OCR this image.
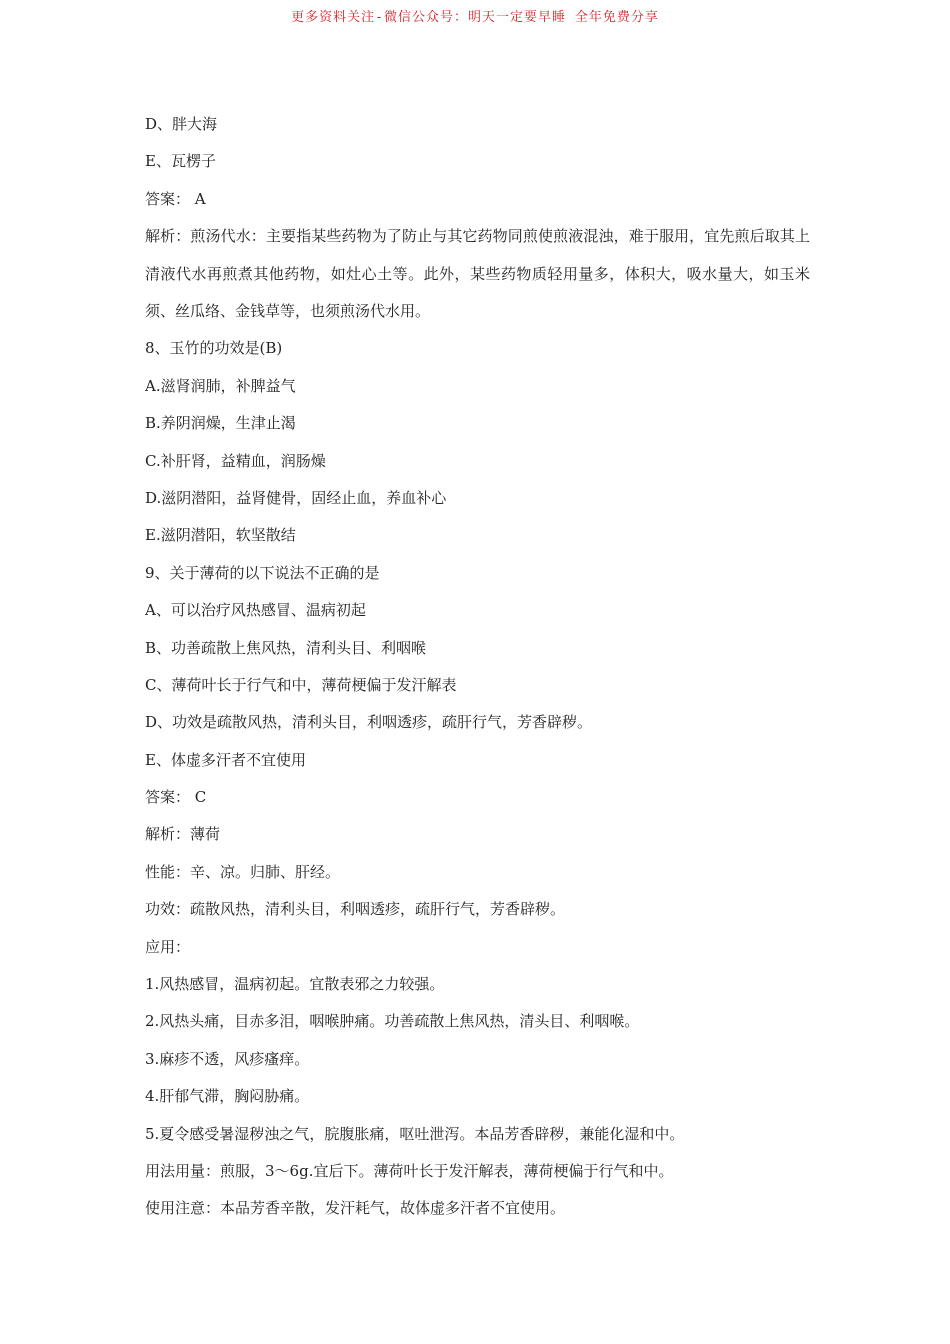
更多资料关注-微信公众号：明天一定要早睡 全年免费分享
D、胖大海
E、瓦楞子
答案： A
解析：煎汤代水：主要指某些药物为了防止与其它药物同煎使煎液混浊，难于服用，宜先煎后取其上清液代水再煎煮其他药物，如灶心土等。此外，某些药物质轻用量多，体积大，吸水量大，如玉米须、丝瓜络、金钱草等，也须煎汤代水用。
8、玉竹的功效是(B)
A.滋肾润肺，补脾益气
B.养阴润燥，生津止渴
C.补肝肾，益精血，润肠燥
D.滋阴潜阳，益肾健骨，固经止血，养血补心
E.滋阴潜阳，软坚散结
9、关于薄荷的以下说法不正确的是
A、可以治疗风热感冒、温病初起
B、功善疏散上焦风热，清利头目、利咽喉
C、薄荷叶长于行气和中，薄荷梗偏于发汗解表
D、功效是疏散风热，清利头目，利咽透疹，疏肝行气，芳香辟秽。
E、体虚多汗者不宜使用
答案： C
解析：薄荷
性能：辛、凉。归肺、肝经。
功效：疏散风热，清利头目，利咽透疹，疏肝行气，芳香辟秽。
应用：
1.风热感冒，温病初起。宜散表邪之力较强。
2.风热头痛，目赤多泪，咽喉肿痛。功善疏散上焦风热，清头目、利咽喉。
3.麻疹不透，风疹瘙痒。
4.肝郁气滞，胸闷胁痛。
5.夏令感受暑湿秽浊之气，脘腹胀痛，呕吐泄泻。本品芳香辟秽，兼能化湿和中。
用法用量：煎服，3～6g.宜后下。薄荷叶长于发汗解表，薄荷梗偏于行气和中。
使用注意：本品芳香辛散，发汗耗气，故体虚多汗者不宜使用。
